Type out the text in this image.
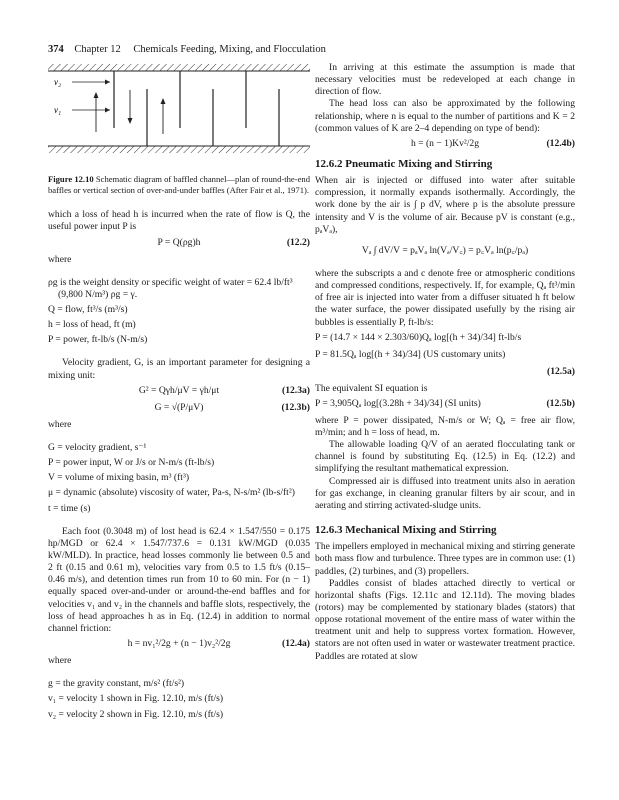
374 Chapter 12 Chemicals Feeding, Mixing, and Flocculation
v₂
v₁

Figure 12.10 Schematic diagram of baffled channel—plan of round-the-end baffles or vertical section of over-and-under baffles (After Fair et al., 1971).

which a loss of head h is incurred when the rate of flow is Q, the useful power input P is

P = Q(ρg)h	(12.2)

where

ρg is the weight density or specific weight of water = 62.4 lb/ft³ (9,800 N/m³) ρg = γ.

Q = flow, ft³/s (m³/s)

h = loss of head, ft (m)

P = power, ft-lb/s (N-m/s)

Velocity gradient, G, is an important parameter for designing a mixing unit:

G² = Qγh/μV = γh/μt	(12.3a)
G = √(P/μV)	(12.3b)

where

G = velocity gradient, s⁻¹

P = power input, W or J/s or N-m/s (ft-lb/s)

V = volume of mixing basin, m³ (ft³)

μ = dynamic (absolute) viscosity of water, Pa-s, N-s/m² (lb-s/ft²)

t = time (s)

Each foot (0.3048 m) of lost head is 62.4 × 1.547/550 = 0.175 hp/MGD or 62.4 × 1.547/737.6 = 0.131 kW/MGD (0.035 kW/MLD). In practice, head losses commonly lie between 0.5 and 2 ft (0.15 and 0.61 m), velocities vary from 0.5 to 1.5 ft/s (0.15–0.46 m/s), and detention times run from 10 to 60 min. For (n − 1) equally spaced over-and-under or around-the-end baffles and for velocities v₁ and v₂ in the channels and baffle slots, respectively, the loss of head approaches h as in Eq. (12.4) in addition to normal channel friction:

h = nv₁²/2g + (n − 1)v₂²/2g	(12.4a)

where

g = the gravity constant, m/s² (ft/s²)

v₁ = velocity 1 shown in Fig. 12.10, m/s (ft/s)

v₂ = velocity 2 shown in Fig. 12.10, m/s (ft/s)

In arriving at this estimate the assumption is made that necessary velocities must be redeveloped at each change in direction of flow.

The head loss can also be approximated by the following relationship, where n is equal to the number of partitions and K = 2 (common values of K are 2–4 depending on type of bend):

h = (n − 1)Kv²/2g	(12.4b)
12.6.2 Pneumatic Mixing and Stirring

When air is injected or diffused into water after suitable compression, it normally expands isothermally. Accordingly, the work done by the air is ∫ p dV, where p is the absolute pressure intensity and V is the volume of air. Because pV is constant (e.g., pₐVₐ),

Vₐ ∫ dV/V = pₐVₐ ln(Vₐ/V꜀) = p꜀Vₐ ln(p꜀/pₐ)

where the subscripts a and c denote free or atmospheric conditions and compressed conditions, respectively. If, for example, Qₐ ft³/min of free air is injected into water from a diffuser situated h ft below the water surface, the power dissipated usefully by the rising air bubbles is essentially P, ft-lb/s:

P = (14.7 × 144 × 2.303/60)Qₐ log[(h + 34)/34] ft-lb/s
P = 81.5Qₐ log[(h + 34)/34] (US customary units)
(12.5a)

The equivalent SI equation is

P = 3,905Qₐ log[(3.28h + 34)/34] (SI units)	(12.5b)

where P = power dissipated, N-m/s or W; Qₐ = free air flow, m³/min; and h = loss of head, m.

The allowable loading Q/V of an aerated flocculating tank or channel is found by substituting Eq. (12.5) in Eq. (12.2) and simplifying the resultant mathematical expression.

Compressed air is diffused into treatment units also in aeration for gas exchange, in cleaning granular filters by air scour, and in aerating and stirring activated-sludge units.

12.6.3 Mechanical Mixing and Stirring

The impellers employed in mechanical mixing and stirring generate both mass flow and turbulence. Three types are in common use: (1) paddles, (2) turbines, and (3) propellers.

Paddles consist of blades attached directly to vertical or horizontal shafts (Figs. 12.11c and 12.11d). The moving blades (rotors) may be complemented by stationary blades (stators) that oppose rotational movement of the entire mass of water within the treatment unit and help to suppress vortex formation. However, stators are not often used in water or wastewater treatment practice. Paddles are rotated at slow
